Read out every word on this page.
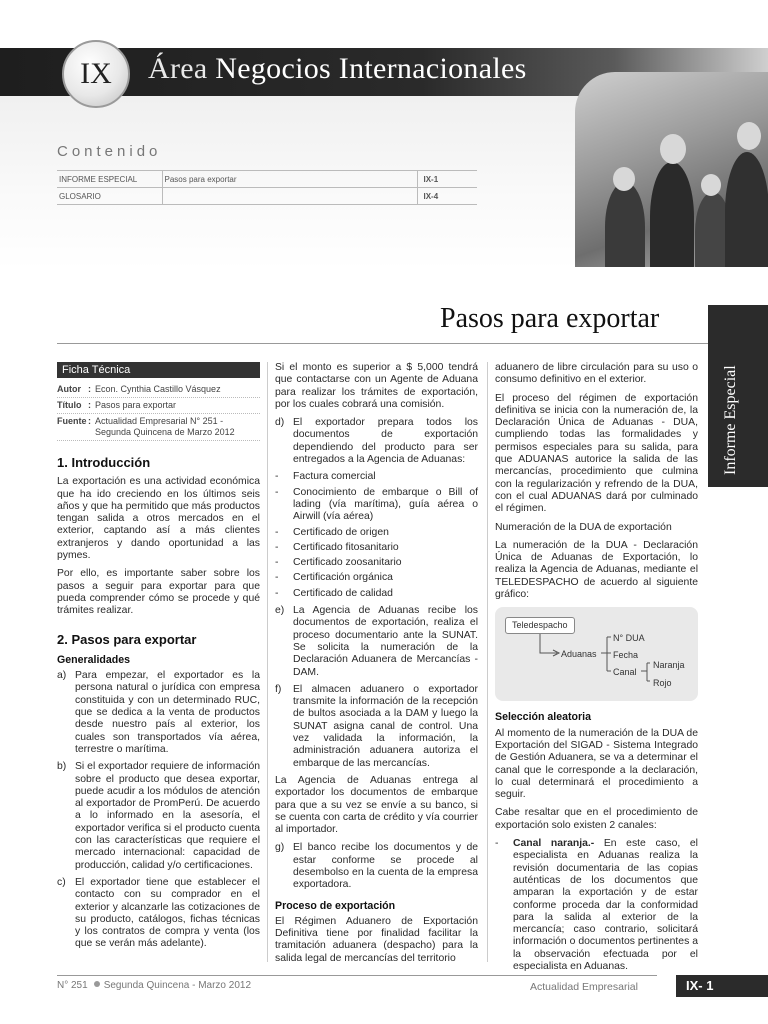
IX	Área Negocios Internacionales
Contenido
INFORME ESPECIAL	Pasos para exportar	IX-1
GLOSARIO		IX-4
Pasos para exportar
Informe Especial
Ficha Técnica
Autor : Econ. Cynthia Castillo Vásquez
Título : Pasos para exportar
Fuente : Actualidad Empresarial N° 251 - Segunda Quincena de Marzo 2012
1. Introducción

La exportación es una actividad económica que ha ido creciendo en los últimos seis años y que ha permitido que más productos tengan salida a otros mercados en el exterior, captando así a más clientes extranjeros y dando oportunidad a las pymes.

Por ello, es importante saber sobre los pasos a seguir para exportar para que pueda comprender cómo se procede y qué trámites realizar.

2. Pasos para exportar
Generalidades
a) Para empezar, el exportador es la persona natural o jurídica con empresa constituida y con un determinado RUC, que se dedica a la venta de productos desde nuestro país al exterior, los cuales son transportados vía aérea, terrestre o marítima.
b) Si el exportador requiere de información sobre el producto que desea exportar, puede acudir a los módulos de atención al exportador de PromPerú. De acuerdo a lo informado en la asesoría, el exportador verifica si el producto cuenta con las características que requiere el mercado internacional: capacidad de producción, calidad y/o certificaciones.
c) El exportador tiene que establecer el contacto con su comprador en el exterior y alcanzarle las cotizaciones de su producto, catálogos, fichas técnicas y los contratos de compra y venta (los que se verán más adelante).

Si el monto es superior a $ 5,000 tendrá que contactarse con un Agente de Aduana para realizar los trámites de exportación, por los cuales cobrará una comisión.

d) El exportador prepara todos los documentos de exportación dependiendo del producto para ser entregados a la Agencia de Aduanas:
-	Factura comercial
-	Conocimiento de embarque o Bill of lading (vía marítima), guía aérea o Airwill (vía aérea)
-	Certificado de origen
-	Certificado fitosanitario
-	Certificado zoosanitario
-	Certificación orgánica
-	Certificado de calidad
e) La Agencia de Aduanas recibe los documentos de exportación, realiza el proceso documentario ante la SUNAT. Se solicita la numeración de la Declaración Aduanera de Mercancías - DAM.
f)	El almacen aduanero o exportador transmite la información de la recepción de bultos asociada a la DAM y luego la SUNAT asigna canal de control. Una vez validada la información, la administración aduanera autoriza el embarque de las mercancías.

La Agencia de Aduanas entrega al exportador los documentos de embarque para que a su vez se envíe a su banco, si se cuenta con carta de crédito y vía courrier al importador.

g) El banco recibe los documentos y de estar conforme se procede al desembolso en la cuenta de la empresa exportadora.
Proceso de exportación

El Régimen Aduanero de Exportación Definitiva tiene por finalidad facilitar la tramitación aduanera (despacho) para la salida legal de mercancías del territorio

aduanero de libre circulación para su uso o consumo definitivo en el exterior.

El proceso del régimen de exportación definitiva se inicia con la numeración de, la Declaración Única de Aduanas - DUA, cumpliendo todas las formalidades y permisos especiales para su salida, para que ADUANAS autorice la salida de las mercancías, procedimiento que culmina con la regularización y refrendo de la DUA, con el cual ADUANAS dará por culminado el régimen.

Numeración de la DUA de exportación

La numeración de la DUA - Declaración Única de Aduanas de Exportación, lo realiza la Agencia de Aduanas, mediante el TELEDESPACHO de acuerdo al siguiente gráfico:

Teledespacho
Aduanas
N° DUA
Fecha
Canal
Naranja
Rojo
Selección aleatoria

Al momento de la numeración de la DUA de Exportación del SIGAD - Sistema Integrado de Gestión Aduanera, se va a determinar el canal que le corresponde a la declaración, lo cual determinará el procedimiento a seguir.

Cabe resaltar que en el procedimiento de exportación solo existen 2 canales:

-	Canal naranja.- En este caso, el especialista en Aduanas realiza la revisión documentaria de las copias auténticas de los documentos que amparan la exportación y de estar conforme proceda dar la conformidad para la salida al exterior de la mercancía; caso contrario, solicitará información o documentos pertinentes a la observación efectuada por el especialista en Aduanas.
N° 251 Segunda Quincena - Marzo 2012	Actualidad Empresarial	IX- 1
